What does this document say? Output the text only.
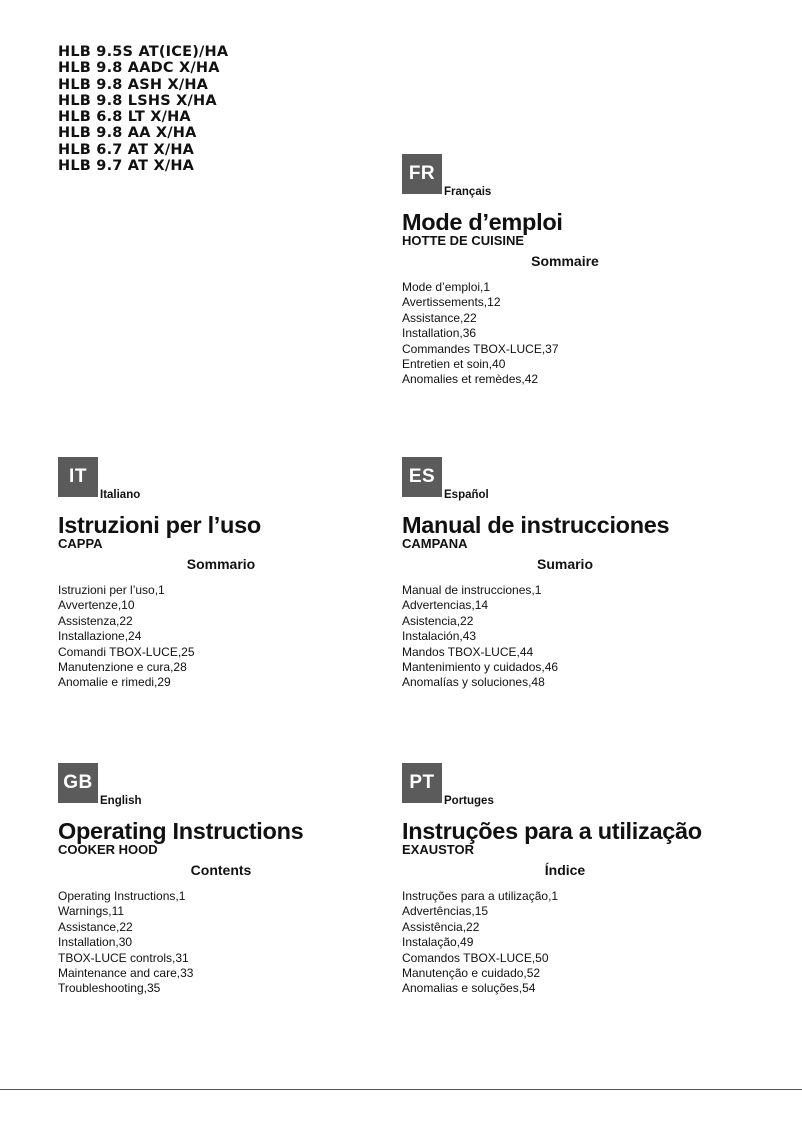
HLB 9.5S AT(ICE)/HA
HLB 9.8 AADC X/HA
HLB 9.8 ASH X/HA
HLB 9.8 LSHS X/HA
HLB 6.8 LT X/HA
HLB 9.8 AA X/HA
HLB 6.7 AT X/HA
HLB 9.7 AT X/HA	FR
Français
Mode d’emploi
HOTTE DE CUISINE
Sommaire
Mode d’emploi,1
Avertissements,12
Assistance,22
Installation,36
Commandes TBOX-LUCE,37
Entretien et soin,40
Anomalies et remèdes,42
IT
Italiano
Istruzioni per l’uso
CAPPA
Sommario
Istruzioni per l’uso,1
Avvertenze,10
Assistenza,22
Installazione,24
Comandi TBOX-LUCE,25
Manutenzione e cura,28
Anomalie e rimedi,29
ES
Español
Manual de instrucciones
CAMPANA
Sumario
Manual de instrucciones,1
Advertencias,14
Asistencia,22
Instalación,43
Mandos TBOX-LUCE,44
Mantenimiento y cuidados,46
Anomalías y soluciones,48
GB
English
Operating Instructions
COOKER HOOD
Contents
Operating Instructions,1
Warnings,11
Assistance,22
Installation,30
TBOX-LUCE controls,31
Maintenance and care,33
Troubleshooting,35
PT
Portuges
Instruções para a utilização
EXAUSTOR
Índice
Instruções para a utilização,1
Advertências,15
Assistência,22
Instalação,49
Comandos TBOX-LUCE,50
Manutenção e cuidado,52
Anomalias e soluções,54
